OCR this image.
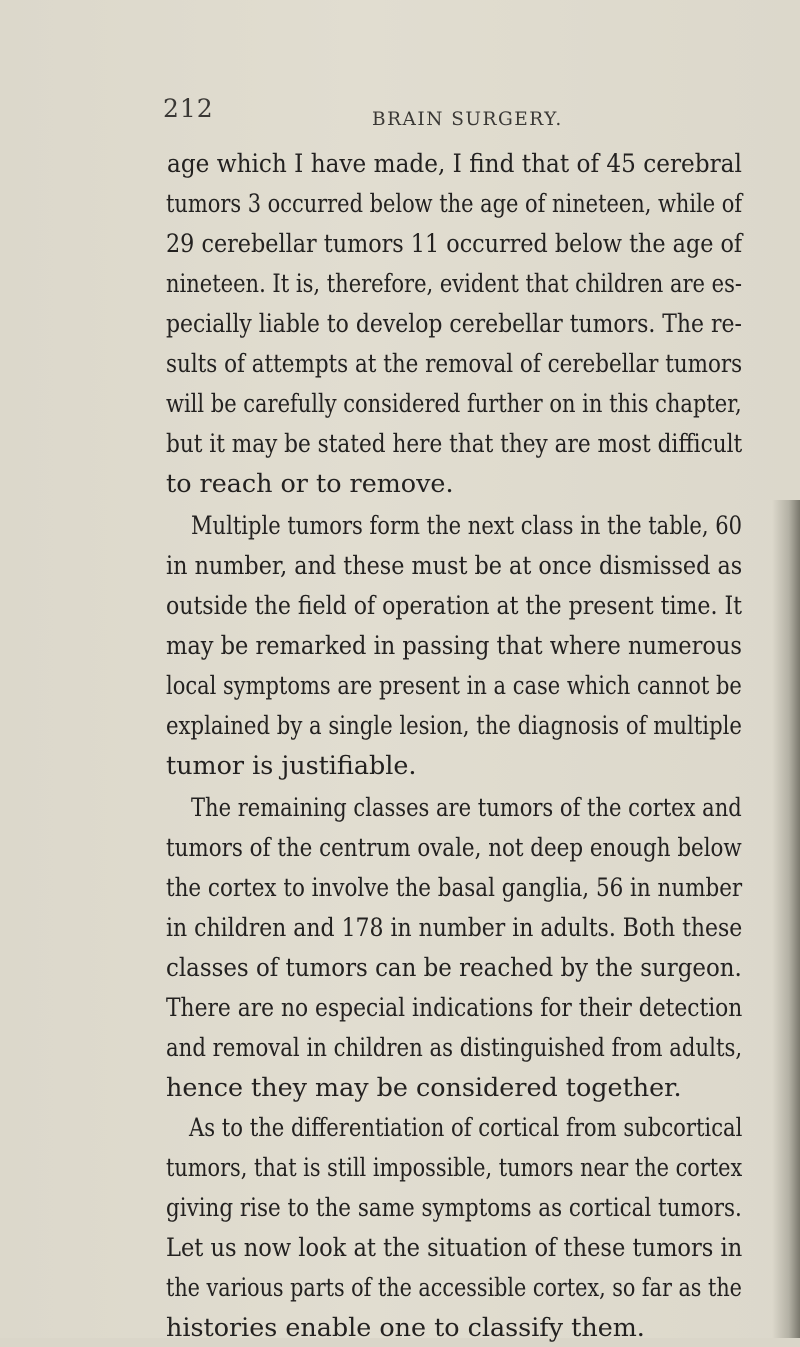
212	BRAIN SURGERY.
age which I have made, I find that of 45 cerebral
tumors 3 occurred below the age of nineteen, while of
29 cerebellar tumors 11 occurred below the age of
nineteen. It is, therefore, evident that children are es-
pecially liable to develop cerebellar tumors. The re-
sults of attempts at the removal of cerebellar tumors
will be carefully considered further on in this chapter,
but it may be stated here that they are most difficult
to reach or to remove.
Multiple tumors form the next class in the table, 60
in number, and these must be at once dismissed as
outside the field of operation at the present time. It
may be remarked in passing that where numerous
local symptoms are present in a case which cannot be
explained by a single lesion, the diagnosis of multiple
tumor is justifiable.
The remaining classes are tumors of the cortex and
tumors of the centrum ovale, not deep enough below
the cortex to involve the basal ganglia, 56 in number
in children and 178 in number in adults. Both these
classes of tumors can be reached by the surgeon.
There are no especial indications for their detection
and removal in children as distinguished from adults,
hence they may be considered together.
As to the differentiation of cortical from subcortical
tumors, that is still impossible, tumors near the cortex
giving rise to the same symptoms as cortical tumors.
Let us now look at the situation of these tumors in
the various parts of the accessible cortex, so far as the
histories enable one to classify them.
